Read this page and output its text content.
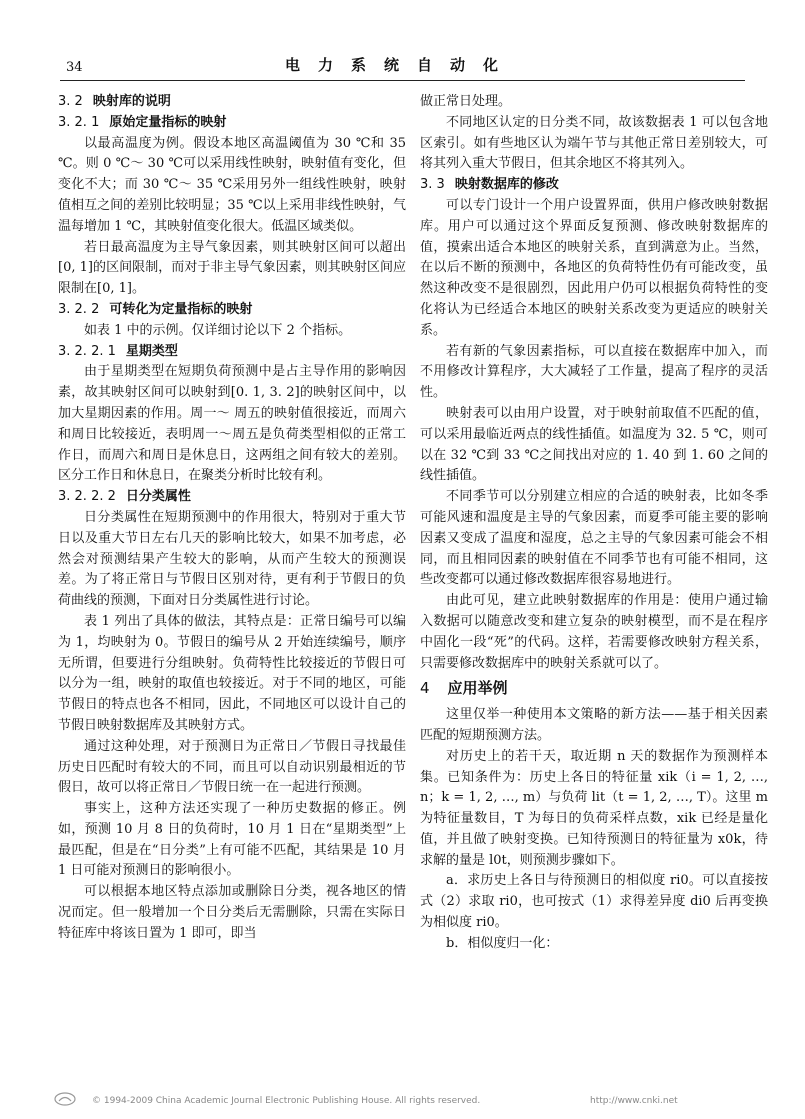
34	电力系统自动化
3. 2 映射库的说明
3. 2. 1 原始定量指标的映射

以最高温度为例。假设本地区高温阈值为 30 ℃和 35 ℃。则 0 ℃～ 30 ℃可以采用线性映射，映射值有变化，但变化不大；而 30 ℃～ 35 ℃采用另外一组线性映射，映射值相互之间的差别比较明显；35 ℃以上采用非线性映射，气温每增加 1 ℃，其映射值变化很大。低温区域类似。

若日最高温度为主导气象因素，则其映射区间可以超出[0, 1]的区间限制，而对于非主导气象因素，则其映射区间应限制在[0, 1]。

3. 2. 2 可转化为定量指标的映射

如表 1 中的示例。仅详细讨论以下 2 个指标。

3. 2. 2. 1 星期类型

由于星期类型在短期负荷预测中是占主导作用的影响因素，故其映射区间可以映射到[0. 1, 3. 2]的映射区间中，以加大星期因素的作用。周一～ 周五的映射值很接近，而周六和周日比较接近，表明周一～周五是负荷类型相似的正常工作日，而周六和周日是休息日，这两组之间有较大的差别。区分工作日和休息日，在聚类分析时比较有利。

3. 2. 2. 2 日分类属性

日分类属性在短期预测中的作用很大，特别对于重大节日以及重大节日左右几天的影响比较大，如果不加考虑，必然会对预测结果产生较大的影响，从而产生较大的预测误差。为了将正常日与节假日区别对待，更有利于节假日的负荷曲线的预测，下面对日分类属性进行讨论。

表 1 列出了具体的做法，其特点是：正常日编号可以编为 1，均映射为 0。节假日的编号从 2 开始连续编号，顺序无所谓，但要进行分组映射。负荷特性比较接近的节假日可以分为一组，映射的取值也较接近。对于不同的地区，可能节假日的特点也各不相同，因此，不同地区可以设计自己的节假日映射数据库及其映射方式。

通过这种处理，对于预测日为正常日／节假日寻找最佳历史日匹配时有较大的不同，而且可以自动识别最相近的节假日，故可以将正常日／节假日统一在一起进行预测。

事实上，这种方法还实现了一种历史数据的修正。例如，预测 10 月 8 日的负荷时，10 月 1 日在“星期类型”上最匹配，但是在“日分类”上有可能不匹配，其结果是 10 月 1 日可能对预测日的影响很小。

可以根据本地区特点添加或删除日分类，视各地区的情况而定。但一般增加一个日分类后无需删除，只需在实际日特征库中将该日置为 1 即可，即当

做正常日处理。

不同地区认定的日分类不同，故该数据表 1 可以包含地区索引。如有些地区认为端午节与其他正常日差别较大，可将其列入重大节假日，但其余地区不将其列入。

3. 3 映射数据库的修改

可以专门设计一个用户设置界面，供用户修改映射数据库。用户可以通过这个界面反复预测、修改映射数据库的值，摸索出适合本地区的映射关系，直到满意为止。当然，在以后不断的预测中，各地区的负荷特性仍有可能改变，虽然这种改变不是很剧烈，因此用户仍可以根据负荷特性的变化将认为已经适合本地区的映射关系改变为更适应的映射关系。

若有新的气象因素指标，可以直接在数据库中加入，而不用修改计算程序，大大减轻了工作量，提高了程序的灵活性。

映射表可以由用户设置，对于映射前取值不匹配的值，可以采用最临近两点的线性插值。如温度为 32. 5 ℃，则可以在 32 ℃到 33 ℃之间找出对应的 1. 40 到 1. 60 之间的线性插值。

不同季节可以分别建立相应的合适的映射表，比如冬季可能风速和温度是主导的气象因素，而夏季可能主要的影响因素又变成了温度和湿度，总之主导的气象因素可能会不相同，而且相同因素的映射值在不同季节也有可能不相同，这些改变都可以通过修改数据库很容易地进行。

由此可见，建立此映射数据库的作用是：使用户通过输入数据可以随意改变和建立复杂的映射模型，而不是在程序中固化一段“死”的代码。这样，若需要修改映射方程关系，只需要修改数据库中的映射关系就可以了。

4 应用举例

这里仅举一种使用本文策略的新方法——基于相关因素匹配的短期预测方法。

对历史上的若干天，取近期 n 天的数据作为预测样本集。已知条件为：历史上各日的特征量 xik（i = 1, 2, …, n；k = 1, 2, …, m）与负荷 lit（t = 1, 2, …, T）。这里 m 为特征量数目，T 为每日的负荷采样点数，xik 已经是量化值，并且做了映射变换。已知待预测日的特征量为 x0k，待求解的量是 l0t，则预测步骤如下。

a．求历史上各日与待预测日的相似度 ri0。可以直接按式（2）求取 ri0，也可按式（1）求得差异度 di0 后再变换为相似度 ri0。

b．相似度归一化：

© 1994-2009 China Academic Journal Electronic Publishing House. All rights reserved.	http://www.cnki.net
